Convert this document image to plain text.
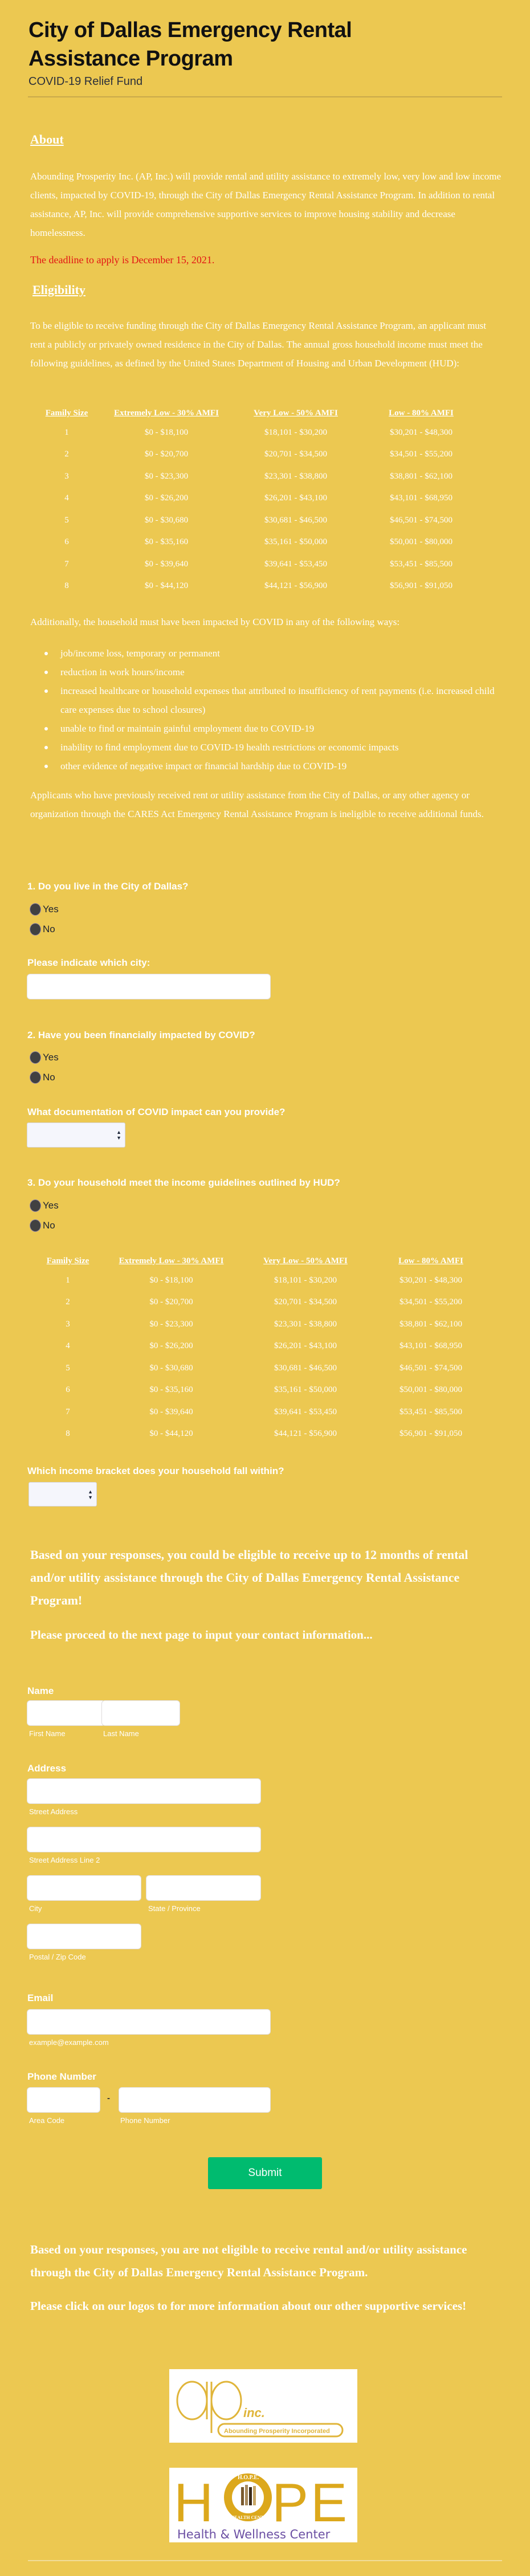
City of Dallas Emergency Rental Assistance Program
COVID-19 Relief Fund
About
Abounding Prosperity Inc. (AP, Inc.) will provide rental and utility assistance to extremely low, very low and low income clients, impacted by COVID-19, through the City of Dallas Emergency Rental Assistance Program. In addition to rental assistance, AP, Inc. will provide comprehensive supportive services to improve housing stability and decrease homelessness.
The deadline to apply is December 15, 2021.
Eligibility
To be eligible to receive funding through the City of Dallas Emergency Rental Assistance Program, an applicant must rent a publicly or privately owned residence in the City of Dallas. The annual gross household income must meet the following guidelines, as defined by the United States Department of Housing and Urban Development (HUD):
Family Size	Extremely Low - 30% AMFI	Very Low - 50% AMFI	Low - 80% AMFI
1	$0 - $18,100	$18,101 - $30,200	$30,201 - $48,300
2	$0 - $20,700	$20,701 - $34,500	$34,501 - $55,200
3	$0 - $23,300	$23,301 - $38,800	$38,801 - $62,100
4	$0 - $26,200	$26,201 - $43,100	$43,101 - $68,950
5	$0 - $30,680	$30,681 - $46,500	$46,501 - $74,500
6	$0 - $35,160	$35,161 - $50,000	$50,001 - $80,000
7	$0 - $39,640	$39,641 - $53,450	$53,451 - $85,500
8	$0 - $44,120	$44,121 - $56,900	$56,901 - $91,050
Additionally, the household must have been impacted by COVID in any of the following ways:
job/income loss, temporary or permanent
reduction in work hours/income
increased healthcare or household expenses that attributed to insufficiency of rent payments (i.e. increased child care expenses due to school closures)
unable to find or maintain gainful employment due to COVID-19
inability to find employment due to COVID-19 health restrictions or economic impacts
other evidence of negative impact or financial hardship due to COVID-19
Applicants who have previously received rent or utility assistance from the City of Dallas, or any other agency or organization through the CARES Act Emergency Rental Assistance Program is ineligible to receive additional funds.
1. Do you live in the City of Dallas?
Yes
No
Please indicate which city:
2. Have you been financially impacted by COVID?
Yes
No
What documentation of COVID impact can you provide?
▲
▼
3. Do your household meet the income guidelines outlined by HUD?
Yes
No
Family Size	Extremely Low - 30% AMFI	Very Low - 50% AMFI	Low - 80% AMFI
1	$0 - $18,100	$18,101 - $30,200	$30,201 - $48,300
2	$0 - $20,700	$20,701 - $34,500	$34,501 - $55,200
3	$0 - $23,300	$23,301 - $38,800	$38,801 - $62,100
4	$0 - $26,200	$26,201 - $43,100	$43,101 - $68,950
5	$0 - $30,680	$30,681 - $46,500	$46,501 - $74,500
6	$0 - $35,160	$35,161 - $50,000	$50,001 - $80,000
7	$0 - $39,640	$39,641 - $53,450	$53,451 - $85,500
8	$0 - $44,120	$44,121 - $56,900	$56,901 - $91,050
Which income bracket does your household fall within?
▲
▼
Based on your responses, you could be eligible to receive up to 12 months of rental and/or utility assistance through the City of Dallas Emergency Rental Assistance Program!
Please proceed to the next page to input your contact information...
Name
First Name	Last Name
Address
Street Address
Street Address Line 2
City	State / Province
Postal / Zip Code
Email
example@example.com
Phone Number
-
Area Code	Phone Number
Submit
Based on your responses, you are not eligible to receive rental and/or utility assistance through the City of Dallas Emergency Rental Assistance Program.
Please click on our logos to for more information about our other supportive services!
inc.
Abounding Prosperity Incorporated
H	H.O.P.E.
HEALTH CENTER P E
Health & Wellness Center
